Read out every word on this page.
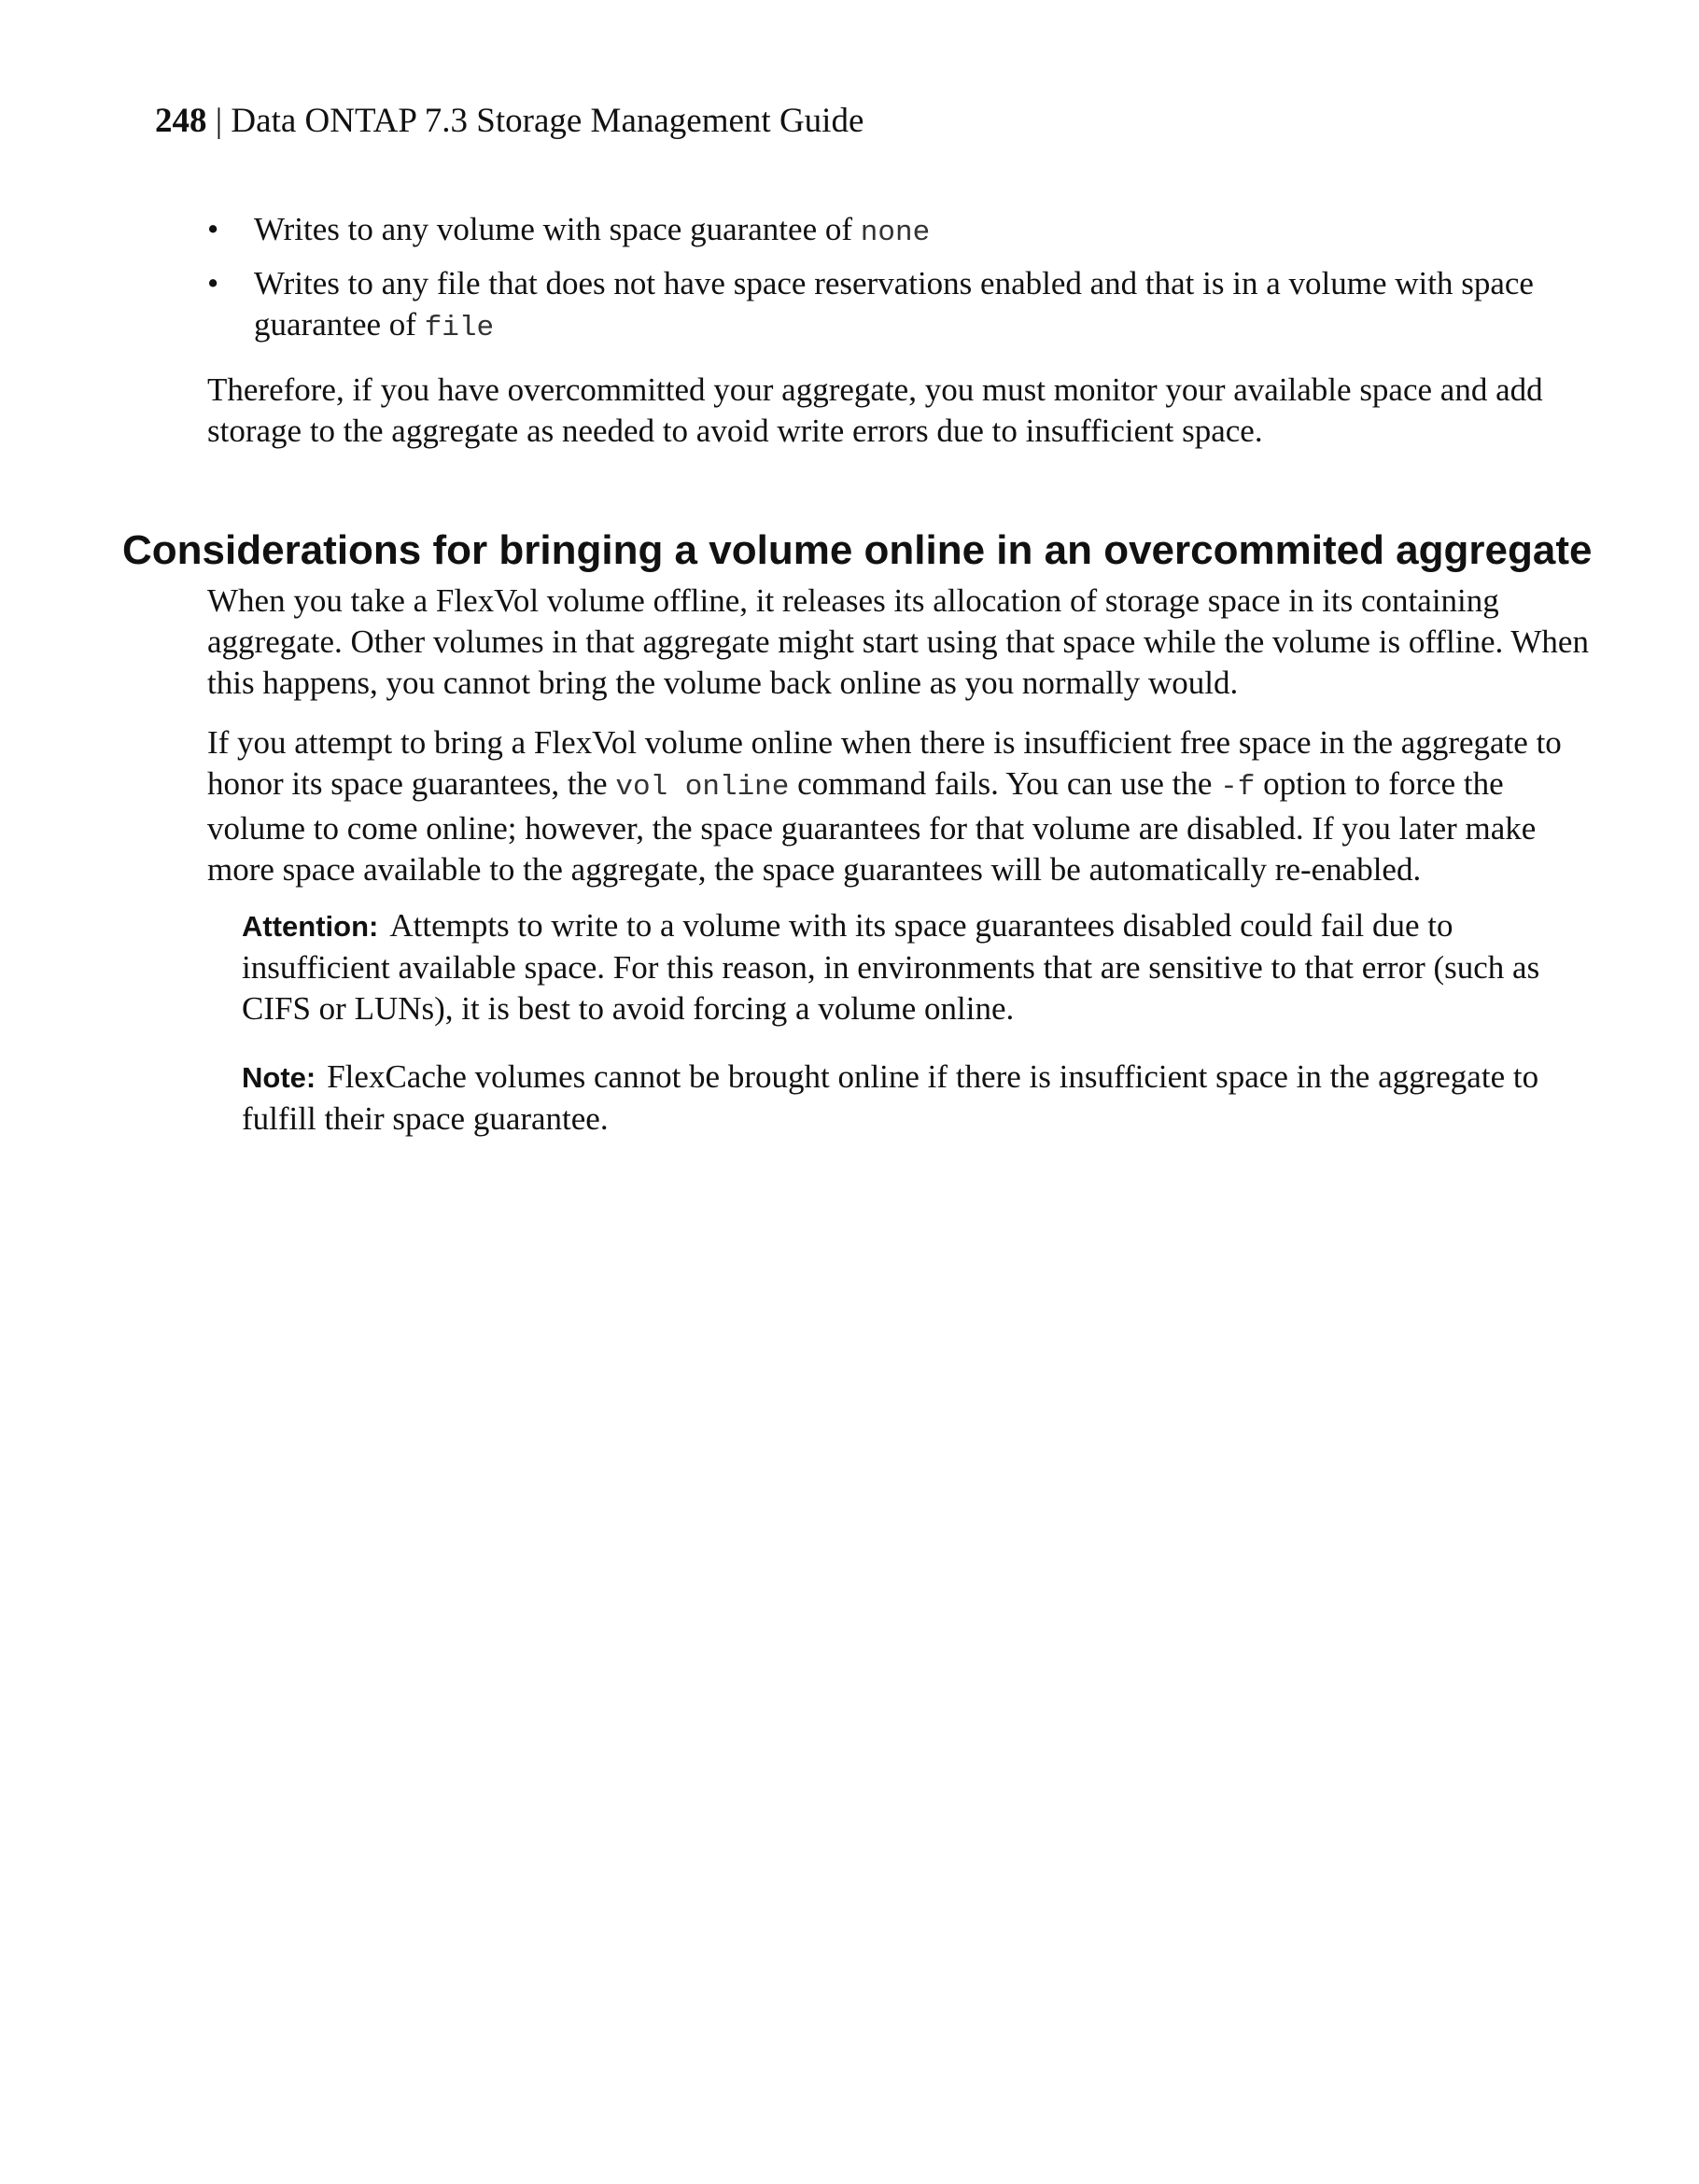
248 | Data ONTAP 7.3 Storage Management Guide
• Writes to any volume with space guarantee of none
• Writes to any file that does not have space reservations enabled and that is in a volume with space guarantee of file

Therefore, if you have overcommitted your aggregate, you must monitor your available space and add storage to the aggregate as needed to avoid write errors due to insufficient space.

Considerations for bringing a volume online in an overcommited aggregate

When you take a FlexVol volume offline, it releases its allocation of storage space in its containing aggregate. Other volumes in that aggregate might start using that space while the volume is offline. When this happens, you cannot bring the volume back online as you normally would.

If you attempt to bring a FlexVol volume online when there is insufficient free space in the aggregate to honor its space guarantees, the vol online command fails. You can use the -f option to force the volume to come online; however, the space guarantees for that volume are disabled. If you later make more space available to the aggregate, the space guarantees will be automatically re-enabled.

Attention: Attempts to write to a volume with its space guarantees disabled could fail due to insufficient available space. For this reason, in environments that are sensitive to that error (such as CIFS or LUNs), it is best to avoid forcing a volume online.

Note: FlexCache volumes cannot be brought online if there is insufficient space in the aggregate to fulfill their space guarantee.
